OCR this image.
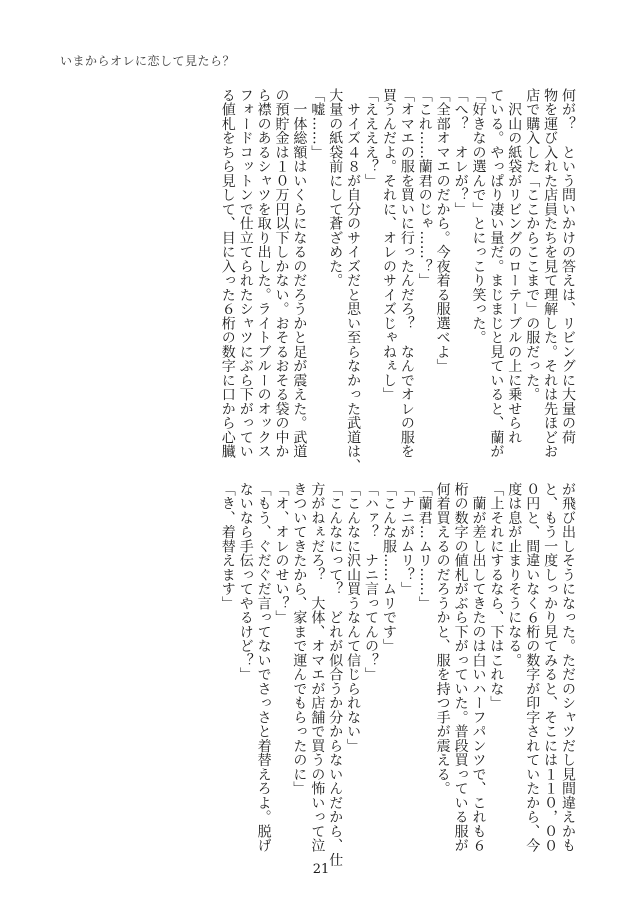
いまからオレに恋して見たら？

何が？　という問いかけの答えは、リビングに大量の荷

物を運び入れた店員たちを見て理解した。それは先ほどお

店で購入した「ここからここまで」の服だった。

　沢山の紙袋がリビングのローテーブルの上に乗せられ

ている。やっぱり凄い量だ。まじまじと見ていると、蘭が

「好きなの選んで」とにっこり笑った。

「へ？　オレが？」

「全部オマエのだから。今夜着る服選べよ」

「これ……蘭君のじゃ……？」

「オマエの服を買いに行ったんだろ？　なんでオレの服を

買うんだよ。それに、オレのサイズじゃねぇし」

「ええええ？」

　サイズ４８が自分のサイズだと思い至らなかった武道は、

大量の紙袋前にして蒼ざめた。

「嘘……」

　一体総額はいくらになるのだろうかと足が震えた。武道

の預貯金は１０万円以下しかない。おそるおそる袋の中か

ら襟のあるシャツを取り出した。ライトブルーのオックス

フォードコットンで仕立てられたシャツにぶら下がってい

る値札をちら見して、目に入った６桁の数字に口から心臓

が飛び出しそうになった。ただのシャツだし見間違えかも

と、もう一度しっかり見てみると、そこには１１０，００

０円と、間違いなく６桁の数字が印字されていたから、今

度は息が止まりそうになる。

「上それにするなら、下はこれな」

　蘭が差し出してきたのは白いハーフパンツで、これも６

桁の数字の値札がぶら下がっていた。普段買っている服が

何着買えるのだろうかと、服を持つ手が震える。

「蘭君…ムリ……」

「ナニがムリ？」

「こんな服……ムリです」

「ハァ？　ナニ言ってんの？」

「こんなに沢山買うなんて信じられない」

「こんなにって？　どれが似合うか分からないんだから、仕

方がねぇだろ？　大体、オマエが店舗で買うの怖いって泣

きついてきたから、家まで運んでもらったのに」

「オ、オレのせい？」

「もう、ぐだぐだ言ってないでさっさと着替えろよ。脱げ

ないなら手伝ってやるけど？」

「き、着替えます」

21
